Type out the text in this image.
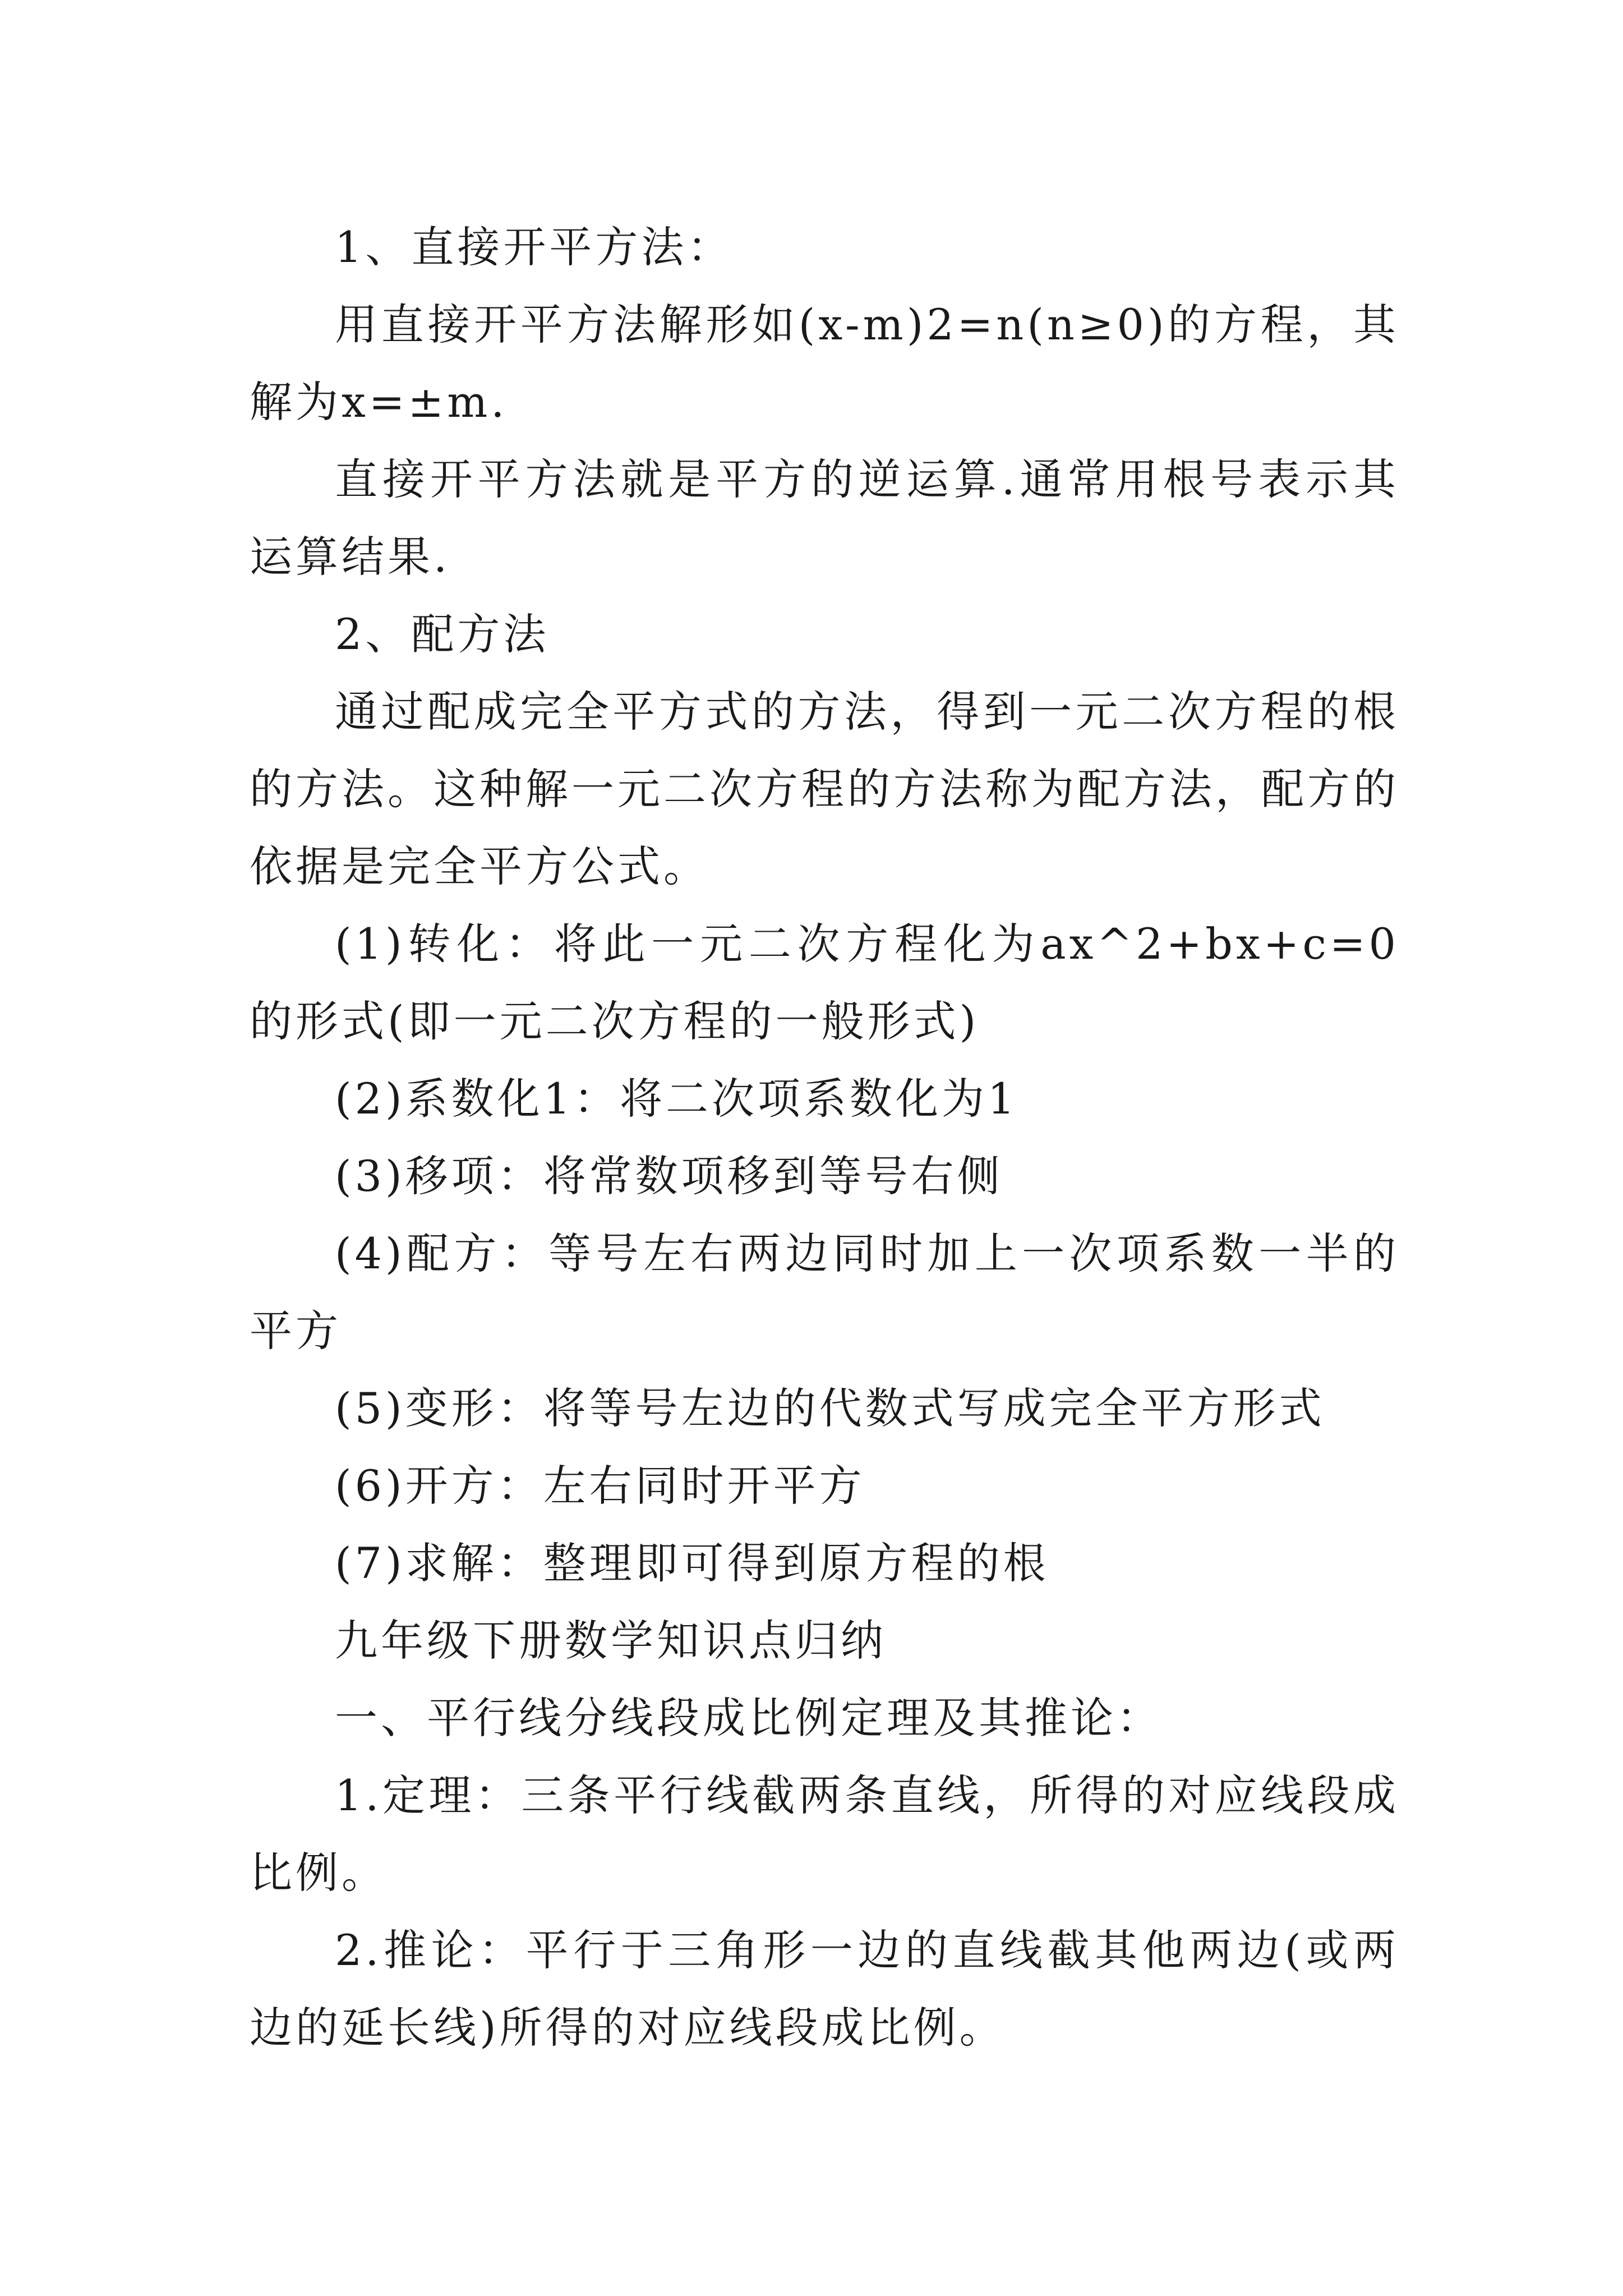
1、直接开平方法：

用直接开平方法解形如(x-m)2=n(n≥0)的方程，其解为x=±m.

直接开平方法就是平方的逆运算.通常用根号表示其运算结果.

2、配方法

通过配成完全平方式的方法，得到一元二次方程的根的方法。这种解一元二次方程的方法称为配方法，配方的依据是完全平方公式。

(1)转化：将此一元二次方程化为ax^2+bx+c=0的形式(即一元二次方程的一般形式)

(2)系数化1：将二次项系数化为1

(3)移项：将常数项移到等号右侧

(4)配方：等号左右两边同时加上一次项系数一半的平方

(5)变形：将等号左边的代数式写成完全平方形式

(6)开方：左右同时开平方

(7)求解：整理即可得到原方程的根

九年级下册数学知识点归纳

一、平行线分线段成比例定理及其推论：

1.定理：三条平行线截两条直线，所得的对应线段成比例。

2.推论：平行于三角形一边的直线截其他两边(或两边的延长线)所得的对应线段成比例。
